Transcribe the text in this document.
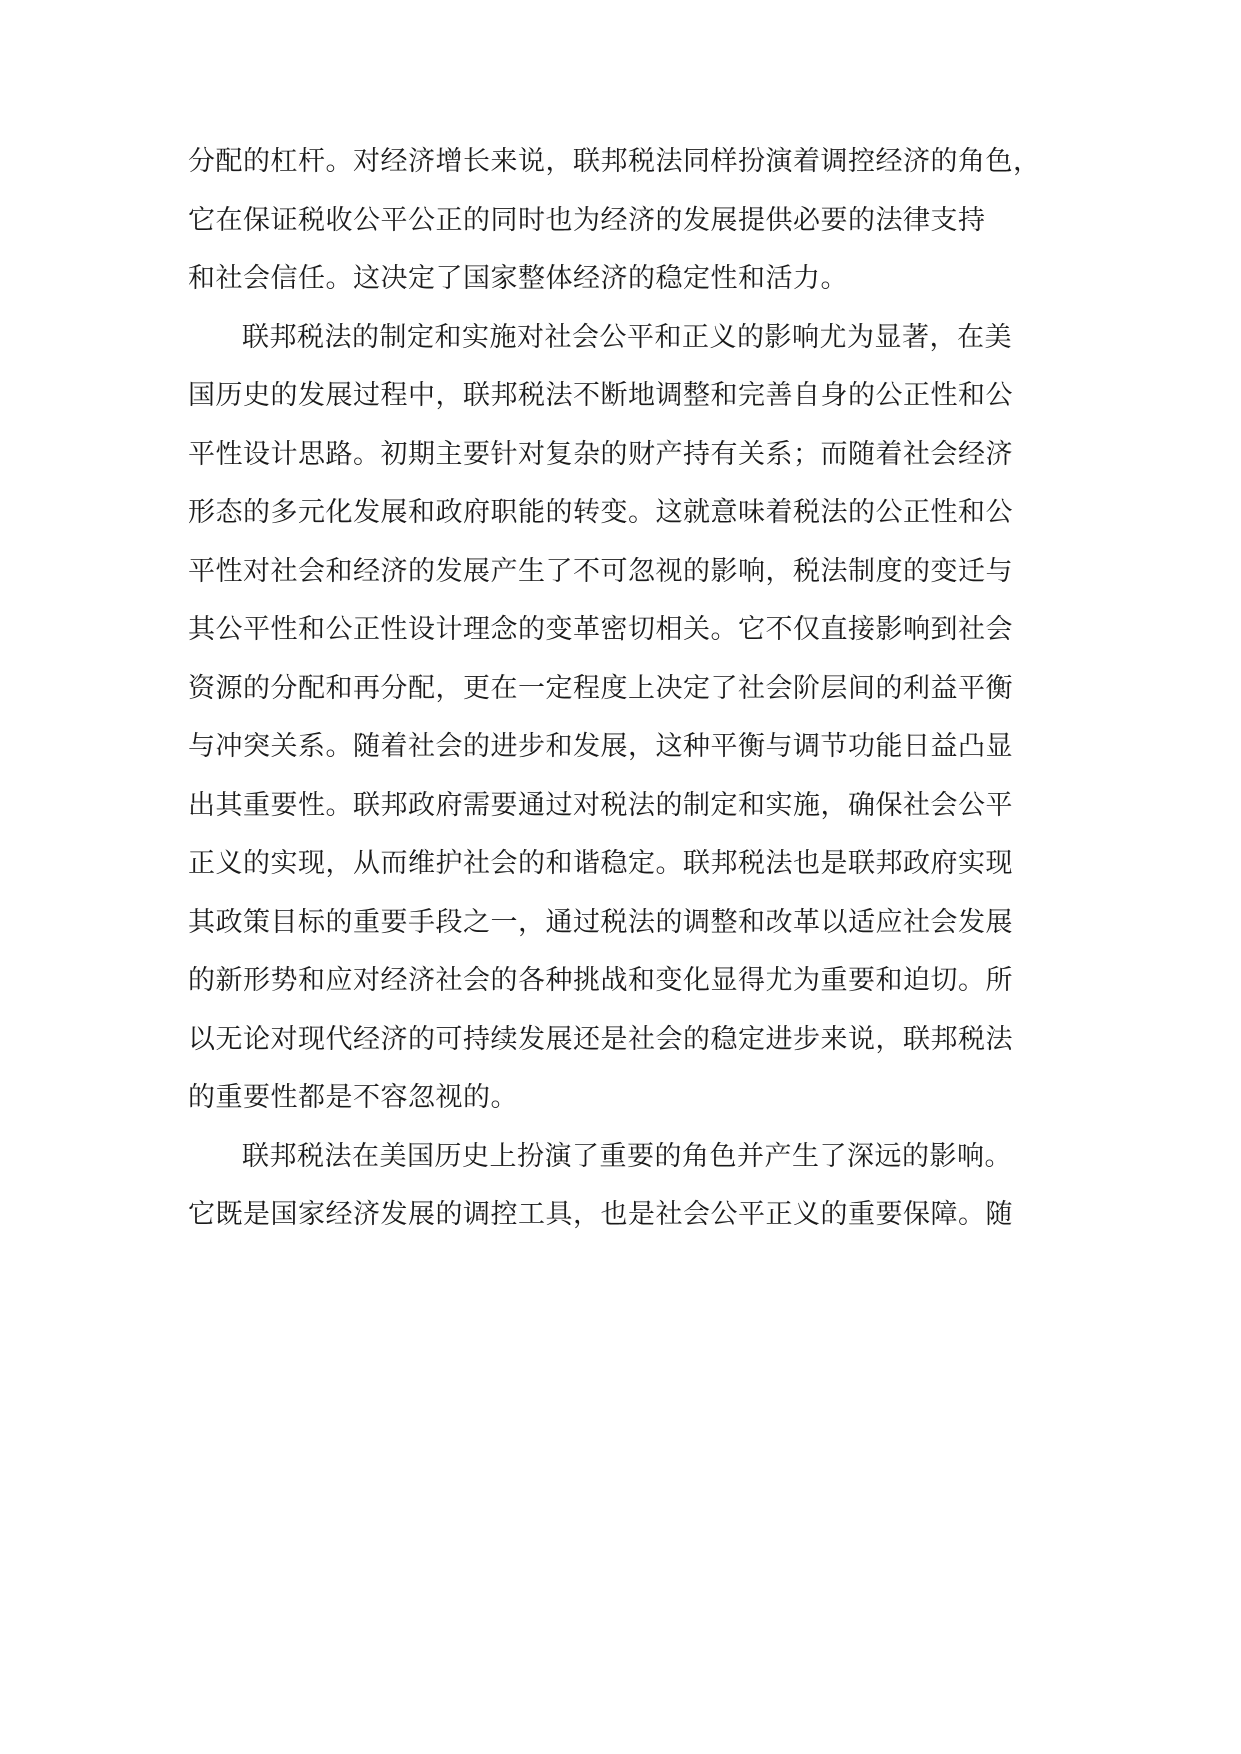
分配的杠杆。对经济增长来说，联邦税法同样扮演着调控经济的角色，
它在保证税收公平公正的同时也为经济的发展提供必要的法律支持
和社会信任。这决定了国家整体经济的稳定性和活力。
联邦税法的制定和实施对社会公平和正义的影响尤为显著，在美
国历史的发展过程中，联邦税法不断地调整和完善自身的公正性和公
平性设计思路。初期主要针对复杂的财产持有关系；而随着社会经济
形态的多元化发展和政府职能的转变。这就意味着税法的公正性和公
平性对社会和经济的发展产生了不可忽视的影响，税法制度的变迁与
其公平性和公正性设计理念的变革密切相关。它不仅直接影响到社会
资源的分配和再分配，更在一定程度上决定了社会阶层间的利益平衡
与冲突关系。随着社会的进步和发展，这种平衡与调节功能日益凸显
出其重要性。联邦政府需要通过对税法的制定和实施，确保社会公平
正义的实现，从而维护社会的和谐稳定。联邦税法也是联邦政府实现
其政策目标的重要手段之一，通过税法的调整和改革以适应社会发展
的新形势和应对经济社会的各种挑战和变化显得尤为重要和迫切。所
以无论对现代经济的可持续发展还是社会的稳定进步来说，联邦税法
的重要性都是不容忽视的。
联邦税法在美国历史上扮演了重要的角色并产生了深远的影响。
它既是国家经济发展的调控工具，也是社会公平正义的重要保障。随
